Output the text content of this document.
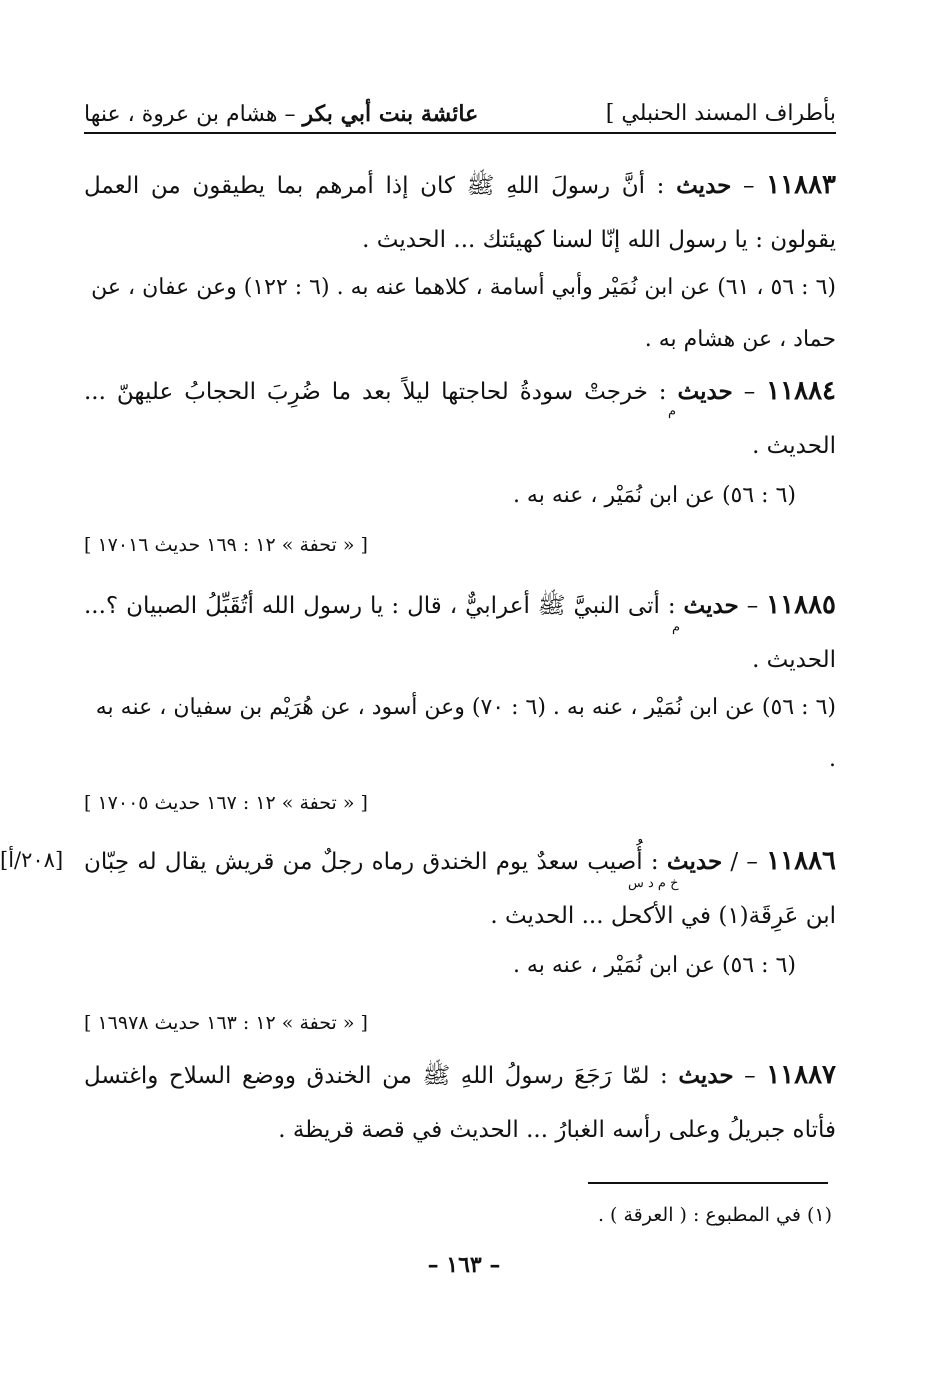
بأطراف المسند الحنبلي ]
عائشة بنت أبي بكر – هشام بن عروة ، عنها
١١٨٨٣ – حديث : أنَّ رسولَ اللهِ ﷺ كان إذا أمرهم بما يطيقون من العمل يقولون : يا رسول الله إنّا لسنا كهيئتك ... الحديث .
(٦ : ٥٦ ، ٦١) عن ابن نُمَيْر وأبي أسامة ، كلاهما عنه به . (٦ : ١٢٢) وعن عفان ، عن حماد ، عن هشام به .
١١٨٨٤ – حديث : خرجتْ سودةُ لحاجتها ليلاً بعد ما ضُرِبَ الحجابُ عليهنّ ... الحديث .
م
(٦ : ٥٦) عن ابن نُمَيْر ، عنه به .
[ « تحفة » ١٢ : ١٦٩ حديث ١٧٠١٦ ]
١١٨٨٥ – حديث : أتى النبيَّ ﷺ أعرابيٌّ ، قال : يا رسول الله أتُقَبِّلُ الصبيان ؟... الحديث .
م
(٦ : ٥٦) عن ابن نُمَيْر ، عنه به . (٦ : ٧٠) وعن أسود ، عن هُرَيْم بن سفيان ، عنه به .
[ « تحفة » ١٢ : ١٦٧ حديث ١٧٠٠٥ ]
[٢٠٨/أ]	١١٨٨٦ – / حديث : أُصيب سعدٌ يوم الخندق رماه رجلٌ من قريش يقال له حِبّان ابن عَرِقَة(١) في الأكحل ... الحديث .
خ م د س
(٦ : ٥٦) عن ابن نُمَيْر ، عنه به .
[ « تحفة » ١٢ : ١٦٣ حديث ١٦٩٧٨ ]
١١٨٨٧ – حديث : لمّا رَجَعَ رسولُ اللهِ ﷺ من الخندق ووضع السلاح واغتسل فأتاه جبريلُ وعلى رأسه الغبارُ ... الحديث في قصة قريظة .
(١) في المطبوع : ( العرقة ) .
– ١٦٣ –
